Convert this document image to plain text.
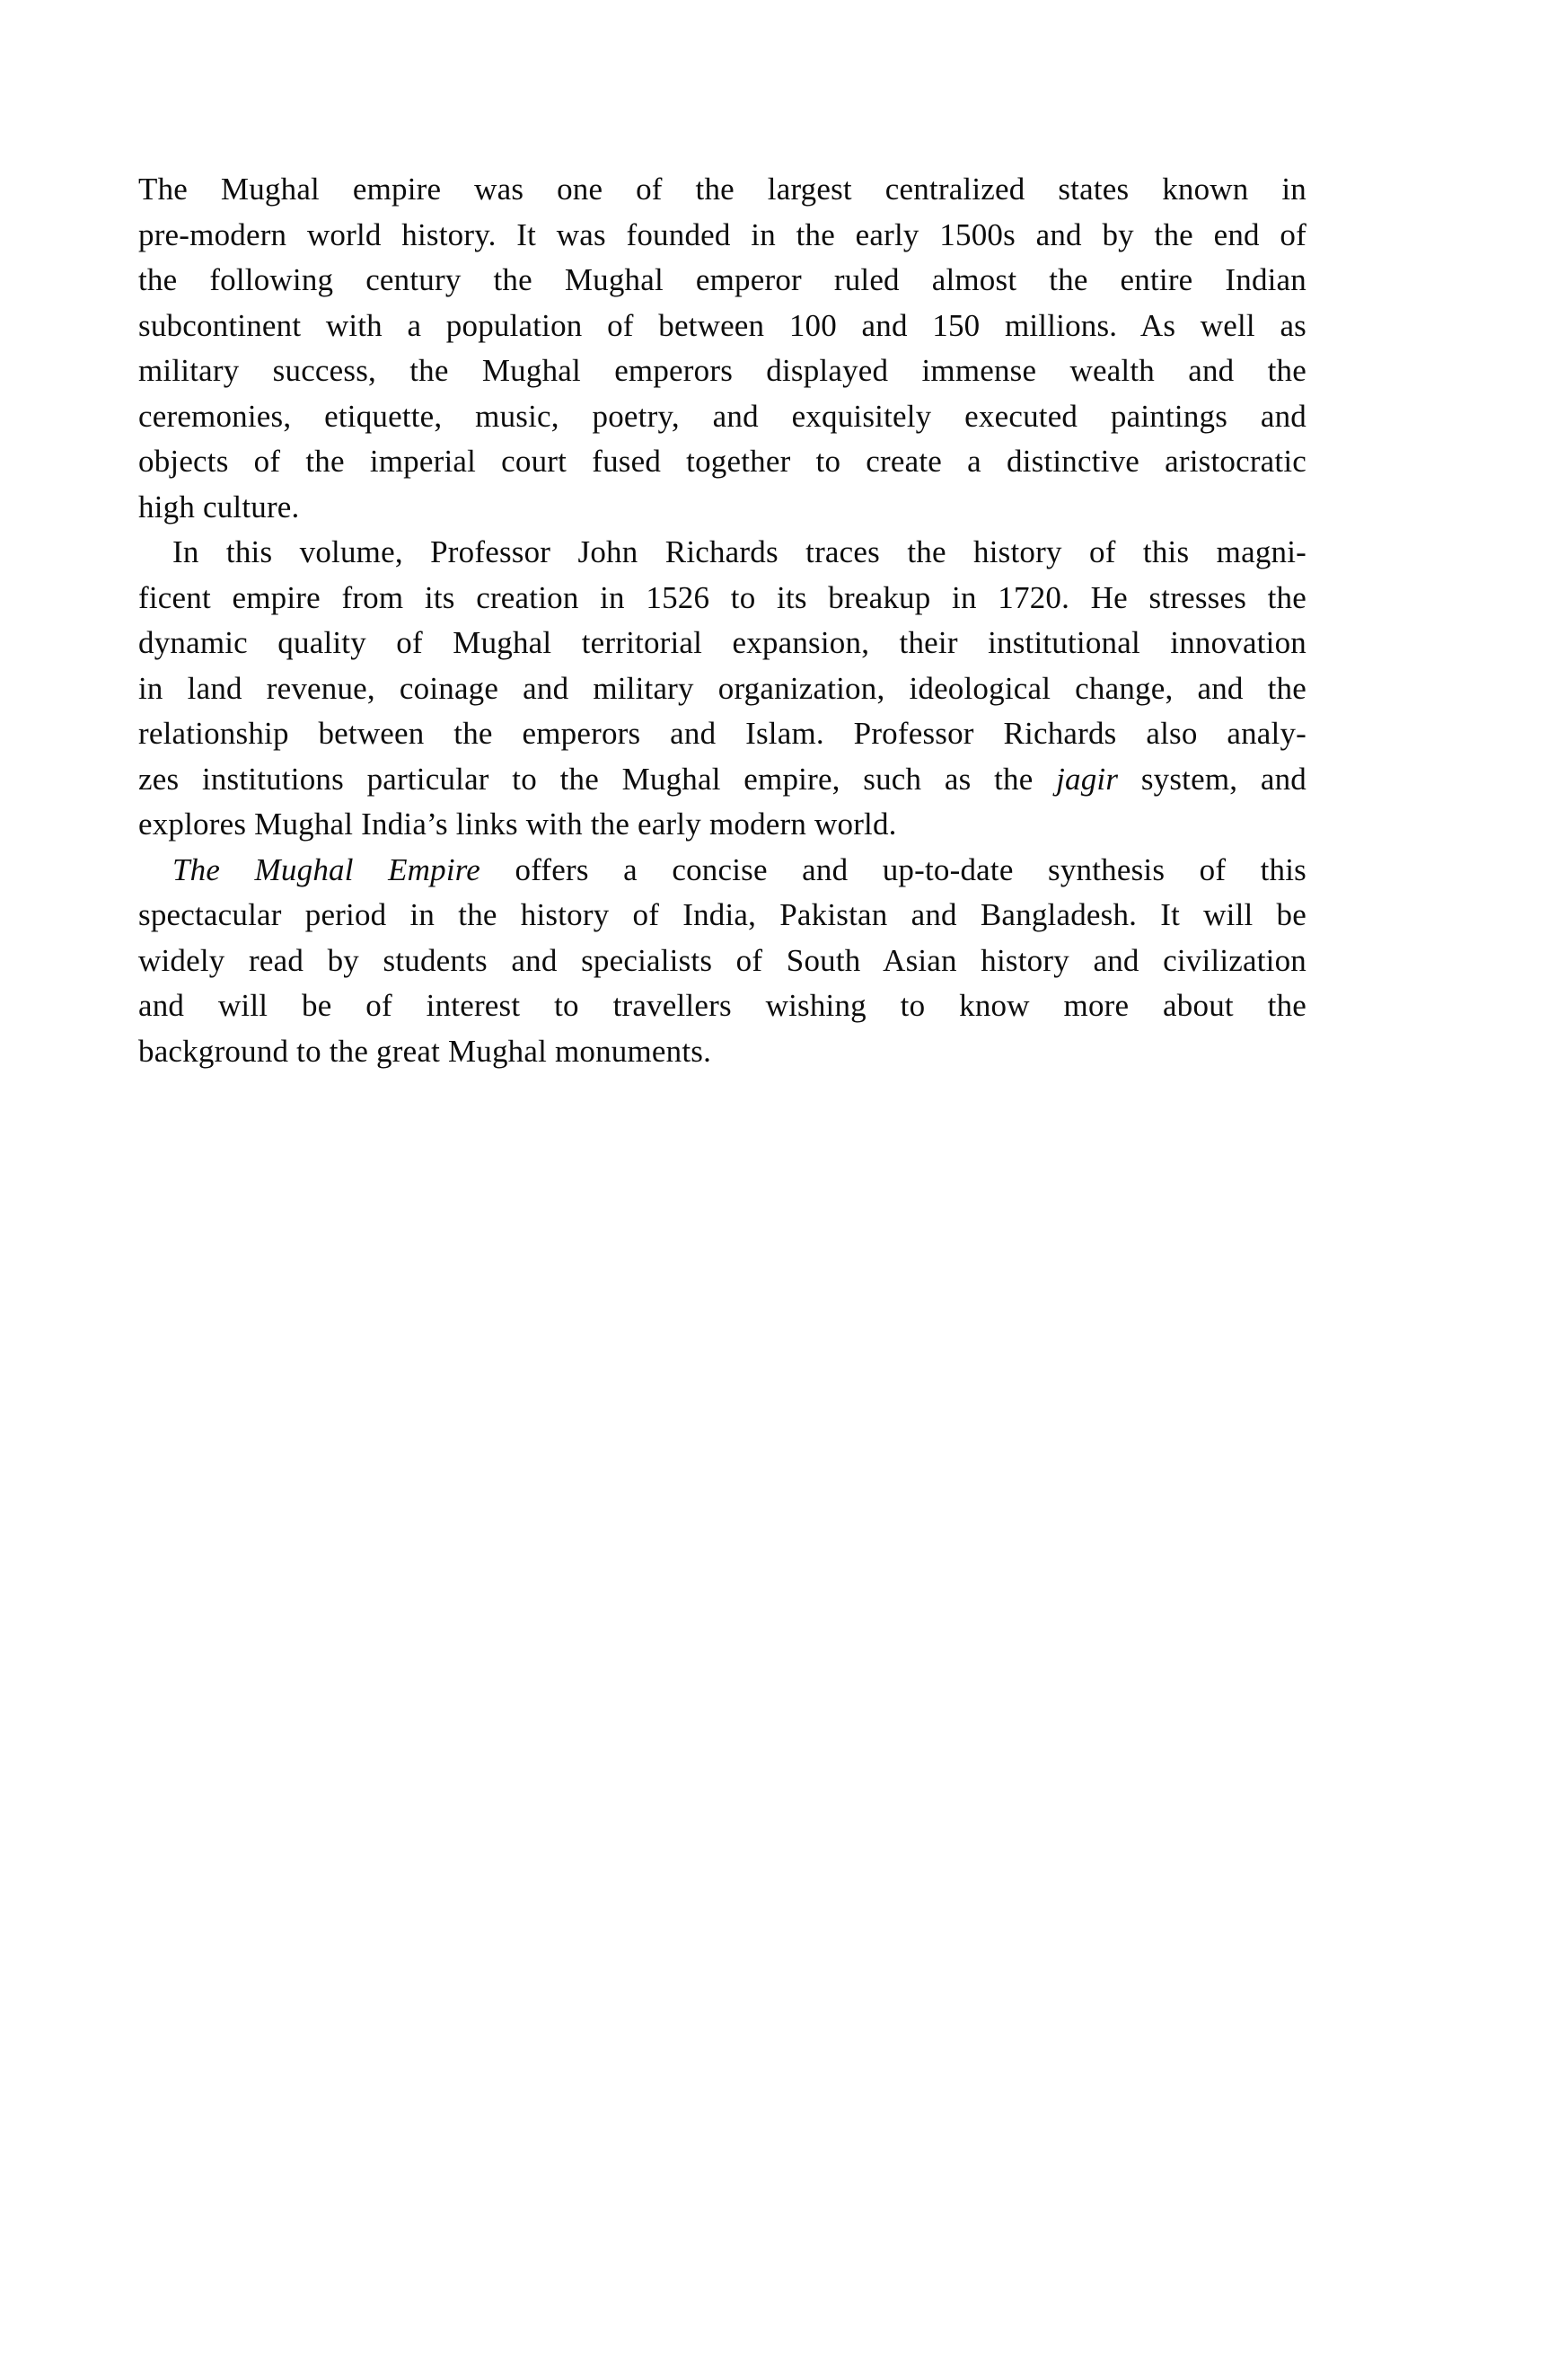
The Mughal empire was one of the largest centralized states known in
pre-modern world history. It was founded in the early 1500s and by the end of
the following century the Mughal emperor ruled almost the entire Indian
subcontinent with a population of between 100 and 150 millions. As well as
military success, the Mughal emperors displayed immense wealth and the
ceremonies, etiquette, music, poetry, and exquisitely executed paintings and
objects of the imperial court fused together to create a distinctive aristocratic
high culture.
In this volume, Professor John Richards traces the history of this magni-
ficent empire from its creation in 1526 to its breakup in 1720. He stresses the
dynamic quality of Mughal territorial expansion, their institutional innovation
in land revenue, coinage and military organization, ideological change, and the
relationship between the emperors and Islam. Professor Richards also analy-
zes institutions particular to the Mughal empire, such as the jagir system, and
explores Mughal India’s links with the early modern world.
The Mughal Empire offers a concise and up-to-date synthesis of this
spectacular period in the history of India, Pakistan and Bangladesh. It will be
widely read by students and specialists of South Asian history and civilization
and will be of interest to travellers wishing to know more about the
background to the great Mughal monuments.
